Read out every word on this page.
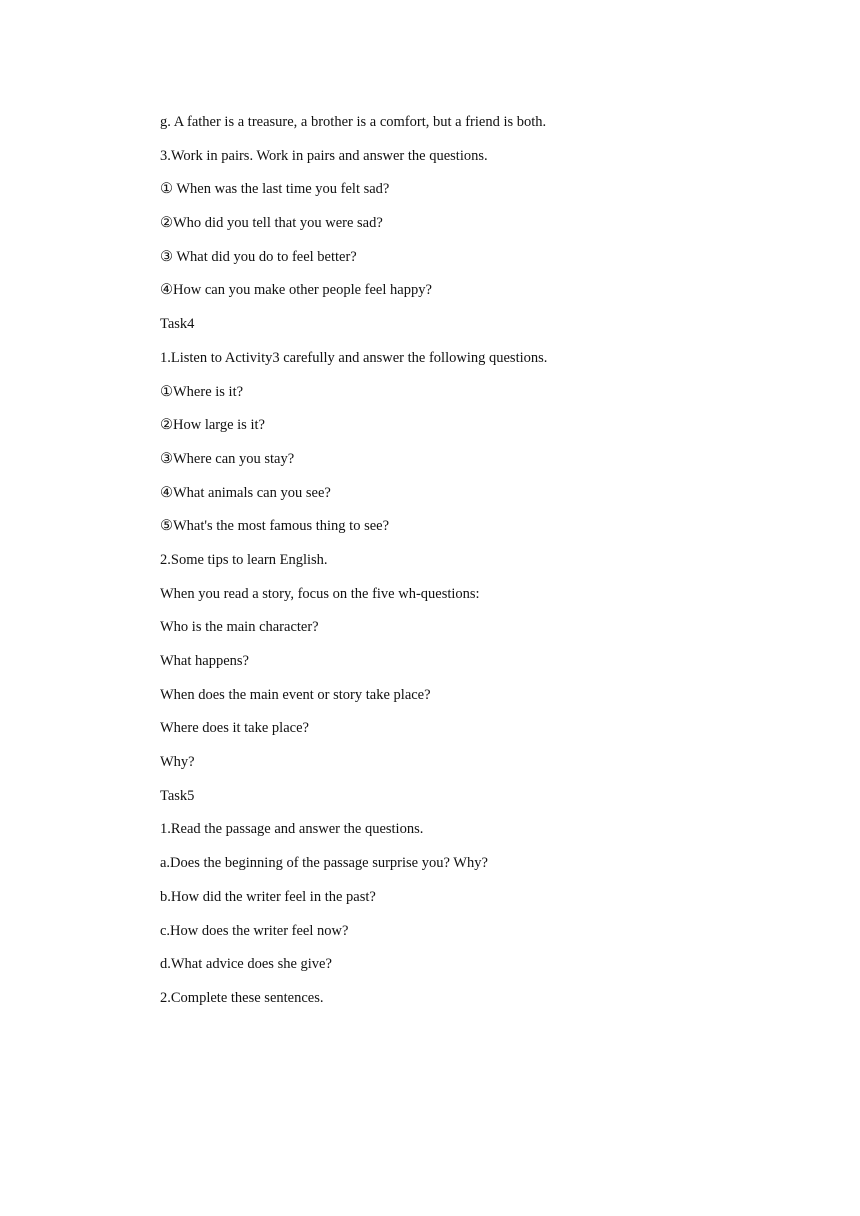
g. A father is a treasure, a brother is a comfort, but a friend is both.
3.Work in pairs. Work in pairs and answer the questions.
① When was the last time you felt sad?
②Who did you tell that you were sad?
③ What did you do to feel better?
④How can you make other people feel happy?
Task4
1.Listen to Activity3 carefully and answer the following questions.
①Where is it?
②How large is it?
③Where can you stay?
④What animals can you see?
⑤What's the most famous thing to see?
2.Some tips to learn English.
When you read a story, focus on the five wh-questions:
Who is the main character?
What happens?
When does the main event or story take place?
Where does it take place?
Why?
Task5
1.Read the passage and answer the questions.
a.Does the beginning of the passage surprise you? Why?
b.How did the writer feel in the past?
c.How does the writer feel now?
d.What advice does she give?
2.Complete these sentences.
